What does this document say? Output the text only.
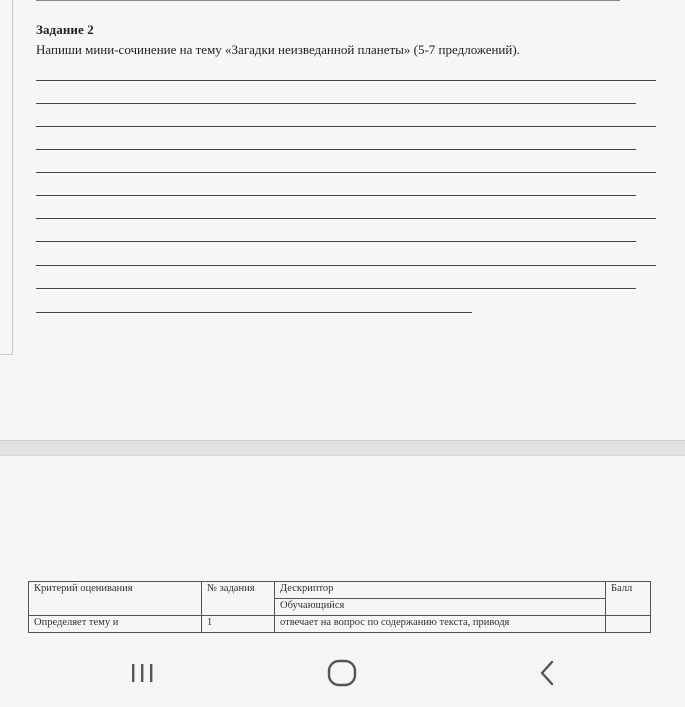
Задание 2
Напиши мини-сочинение на тему «Загадки неизведанной планеты» (5-7 предложений).
Критерий оценивания	№ задания	Дескриптор	Балл
		Обучающийся	
Определяет тему и	1	отвечает на вопрос по содержанию текста, приводя	
